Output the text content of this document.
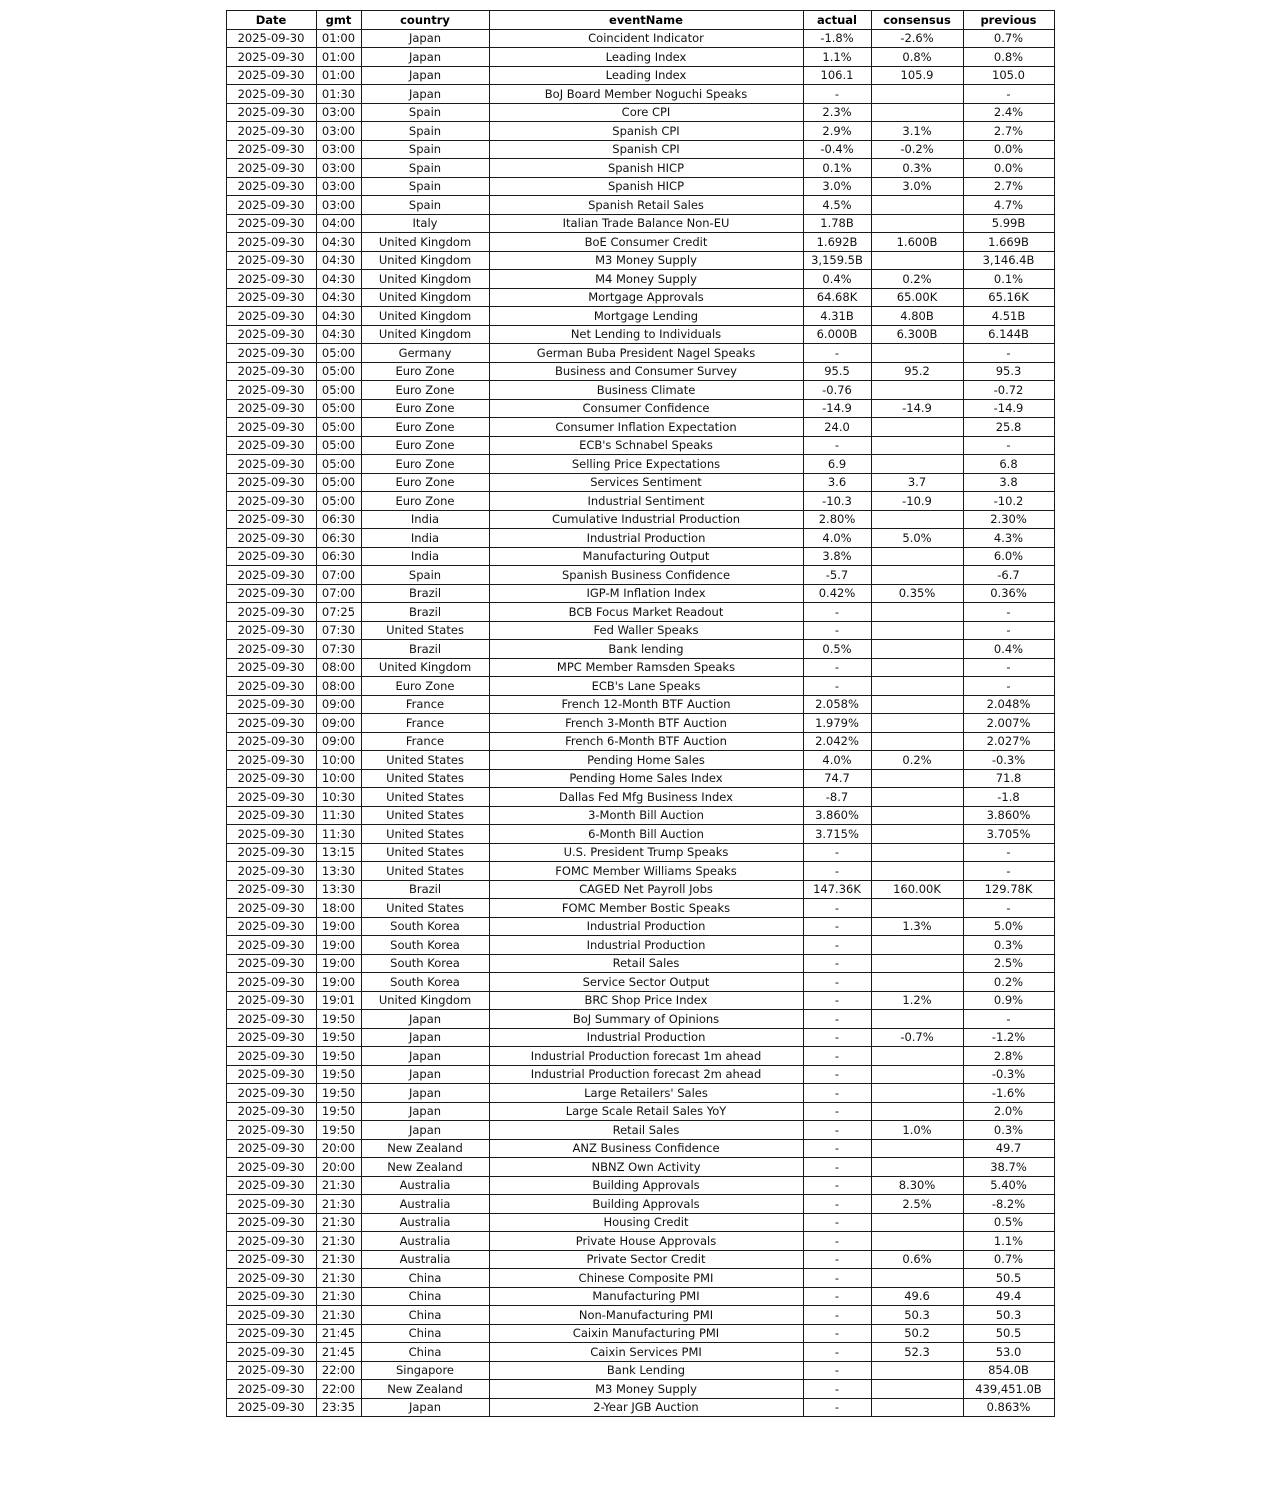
Date	gmt	country	eventName	actual	consensus	previous
2025-09-30	01:00	Japan	Coincident Indicator	-1.8%	-2.6%	0.7%
2025-09-30	01:00	Japan	Leading Index	1.1%	0.8%	0.8%
2025-09-30	01:00	Japan	Leading Index	106.1	105.9	105.0
2025-09-30	01:30	Japan	BoJ Board Member Noguchi Speaks	-		-
2025-09-30	03:00	Spain	Core CPI	2.3%		2.4%
2025-09-30	03:00	Spain	Spanish CPI	2.9%	3.1%	2.7%
2025-09-30	03:00	Spain	Spanish CPI	-0.4%	-0.2%	0.0%
2025-09-30	03:00	Spain	Spanish HICP	0.1%	0.3%	0.0%
2025-09-30	03:00	Spain	Spanish HICP	3.0%	3.0%	2.7%
2025-09-30	03:00	Spain	Spanish Retail Sales	4.5%		4.7%
2025-09-30	04:00	Italy	Italian Trade Balance Non-EU	1.78B		5.99B
2025-09-30	04:30	United Kingdom	BoE Consumer Credit	1.692B	1.600B	1.669B
2025-09-30	04:30	United Kingdom	M3 Money Supply	3,159.5B		3,146.4B
2025-09-30	04:30	United Kingdom	M4 Money Supply	0.4%	0.2%	0.1%
2025-09-30	04:30	United Kingdom	Mortgage Approvals	64.68K	65.00K	65.16K
2025-09-30	04:30	United Kingdom	Mortgage Lending	4.31B	4.80B	4.51B
2025-09-30	04:30	United Kingdom	Net Lending to Individuals	6.000B	6.300B	6.144B
2025-09-30	05:00	Germany	German Buba President Nagel Speaks	-		-
2025-09-30	05:00	Euro Zone	Business and Consumer Survey	95.5	95.2	95.3
2025-09-30	05:00	Euro Zone	Business Climate	-0.76		-0.72
2025-09-30	05:00	Euro Zone	Consumer Confidence	-14.9	-14.9	-14.9
2025-09-30	05:00	Euro Zone	Consumer Inflation Expectation	24.0		25.8
2025-09-30	05:00	Euro Zone	ECB's Schnabel Speaks	-		-
2025-09-30	05:00	Euro Zone	Selling Price Expectations	6.9		6.8
2025-09-30	05:00	Euro Zone	Services Sentiment	3.6	3.7	3.8
2025-09-30	05:00	Euro Zone	Industrial Sentiment	-10.3	-10.9	-10.2
2025-09-30	06:30	India	Cumulative Industrial Production	2.80%		2.30%
2025-09-30	06:30	India	Industrial Production	4.0%	5.0%	4.3%
2025-09-30	06:30	India	Manufacturing Output	3.8%		6.0%
2025-09-30	07:00	Spain	Spanish Business Confidence	-5.7		-6.7
2025-09-30	07:00	Brazil	IGP-M Inflation Index	0.42%	0.35%	0.36%
2025-09-30	07:25	Brazil	BCB Focus Market Readout	-		-
2025-09-30	07:30	United States	Fed Waller Speaks	-		-
2025-09-30	07:30	Brazil	Bank lending	0.5%		0.4%
2025-09-30	08:00	United Kingdom	MPC Member Ramsden Speaks	-		-
2025-09-30	08:00	Euro Zone	ECB's Lane Speaks	-		-
2025-09-30	09:00	France	French 12-Month BTF Auction	2.058%		2.048%
2025-09-30	09:00	France	French 3-Month BTF Auction	1.979%		2.007%
2025-09-30	09:00	France	French 6-Month BTF Auction	2.042%		2.027%
2025-09-30	10:00	United States	Pending Home Sales	4.0%	0.2%	-0.3%
2025-09-30	10:00	United States	Pending Home Sales Index	74.7		71.8
2025-09-30	10:30	United States	Dallas Fed Mfg Business Index	-8.7		-1.8
2025-09-30	11:30	United States	3-Month Bill Auction	3.860%		3.860%
2025-09-30	11:30	United States	6-Month Bill Auction	3.715%		3.705%
2025-09-30	13:15	United States	U.S. President Trump Speaks	-		-
2025-09-30	13:30	United States	FOMC Member Williams Speaks	-		-
2025-09-30	13:30	Brazil	CAGED Net Payroll Jobs	147.36K	160.00K	129.78K
2025-09-30	18:00	United States	FOMC Member Bostic Speaks	-		-
2025-09-30	19:00	South Korea	Industrial Production	-	1.3%	5.0%
2025-09-30	19:00	South Korea	Industrial Production	-		0.3%
2025-09-30	19:00	South Korea	Retail Sales	-		2.5%
2025-09-30	19:00	South Korea	Service Sector Output	-		0.2%
2025-09-30	19:01	United Kingdom	BRC Shop Price Index	-	1.2%	0.9%
2025-09-30	19:50	Japan	BoJ Summary of Opinions	-		-
2025-09-30	19:50	Japan	Industrial Production	-	-0.7%	-1.2%
2025-09-30	19:50	Japan	Industrial Production forecast 1m ahead	-		2.8%
2025-09-30	19:50	Japan	Industrial Production forecast 2m ahead	-		-0.3%
2025-09-30	19:50	Japan	Large Retailers' Sales	-		-1.6%
2025-09-30	19:50	Japan	Large Scale Retail Sales YoY	-		2.0%
2025-09-30	19:50	Japan	Retail Sales	-	1.0%	0.3%
2025-09-30	20:00	New Zealand	ANZ Business Confidence	-		49.7
2025-09-30	20:00	New Zealand	NBNZ Own Activity	-		38.7%
2025-09-30	21:30	Australia	Building Approvals	-	8.30%	5.40%
2025-09-30	21:30	Australia	Building Approvals	-	2.5%	-8.2%
2025-09-30	21:30	Australia	Housing Credit	-		0.5%
2025-09-30	21:30	Australia	Private House Approvals	-		1.1%
2025-09-30	21:30	Australia	Private Sector Credit	-	0.6%	0.7%
2025-09-30	21:30	China	Chinese Composite PMI	-		50.5
2025-09-30	21:30	China	Manufacturing PMI	-	49.6	49.4
2025-09-30	21:30	China	Non-Manufacturing PMI	-	50.3	50.3
2025-09-30	21:45	China	Caixin Manufacturing PMI	-	50.2	50.5
2025-09-30	21:45	China	Caixin Services PMI	-	52.3	53.0
2025-09-30	22:00	Singapore	Bank Lending	-		854.0B
2025-09-30	22:00	New Zealand	M3 Money Supply	-		439,451.0B
2025-09-30	23:35	Japan	2-Year JGB Auction	-		0.863%
